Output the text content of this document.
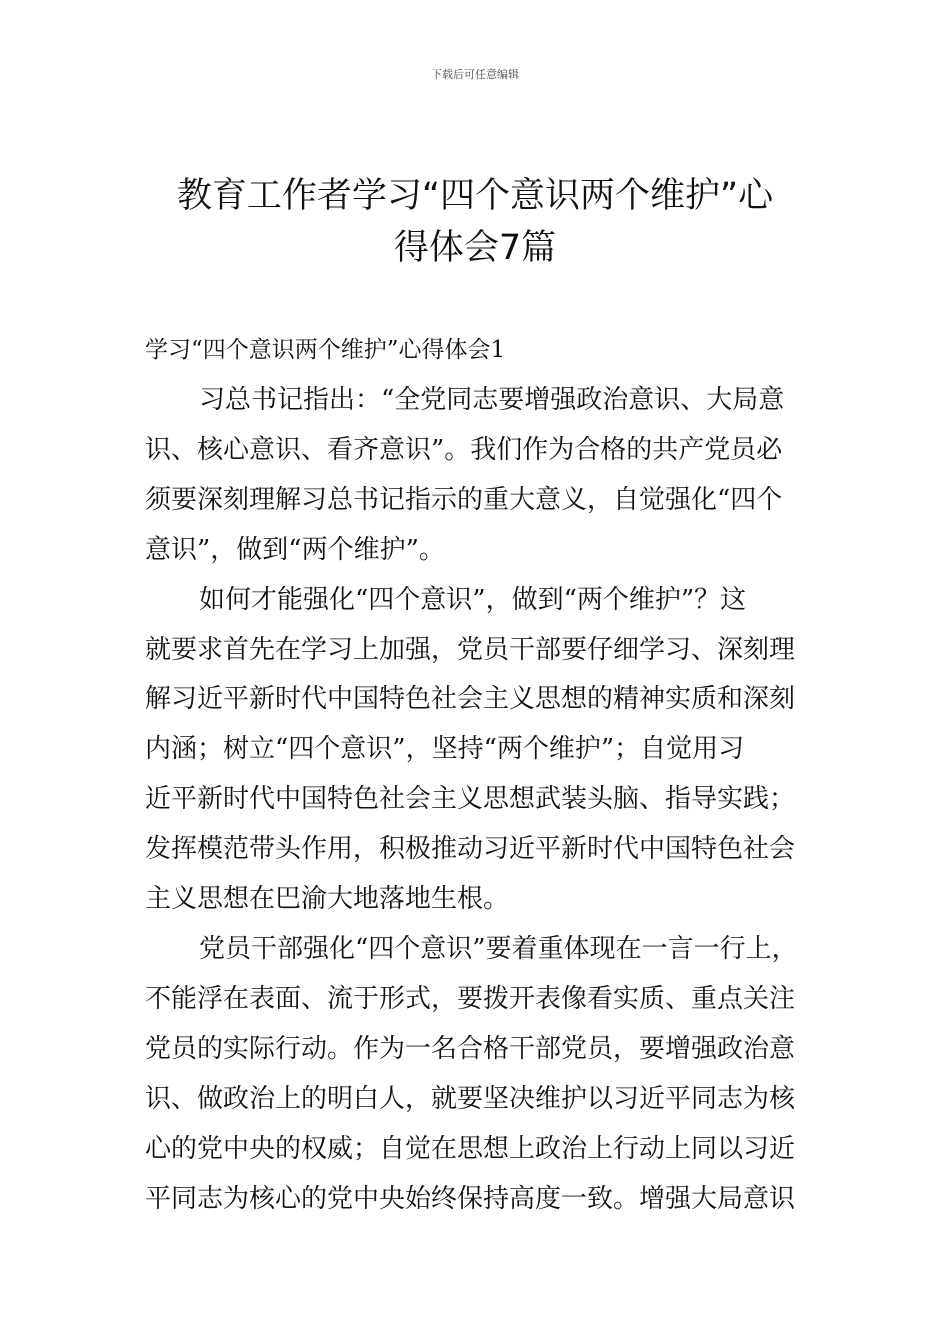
下载后可任意编辑
教育工作者学习“四个意识两个维护”心
得体会7篇
学习“四个意识两个维护”心得体会1
习总书记指出：“全党同志要增强政治意识、大局意
识、核心意识、看齐意识”。我们作为合格的共产党员必
须要深刻理解习总书记指示的重大意义，自觉强化“四个
意识”，做到“两个维护”。
如何才能强化“四个意识”，做到“两个维护”？这
就要求首先在学习上加强，党员干部要仔细学习、深刻理
解习近平新时代中国特色社会主义思想的精神实质和深刻
内涵；树立“四个意识”，坚持“两个维护”；自觉用习
近平新时代中国特色社会主义思想武装头脑、指导实践；
发挥模范带头作用，积极推动习近平新时代中国特色社会
主义思想在巴渝大地落地生根。
党员干部强化“四个意识”要着重体现在一言一行上，
不能浮在表面、流于形式，要拨开表像看实质、重点关注
党员的实际行动。作为一名合格干部党员，要增强政治意
识、做政治上的明白人，就要坚决维护以习近平同志为核
心的党中央的权威；自觉在思想上政治上行动上同以习近
平同志为核心的党中央始终保持高度一致。增强大局意识
